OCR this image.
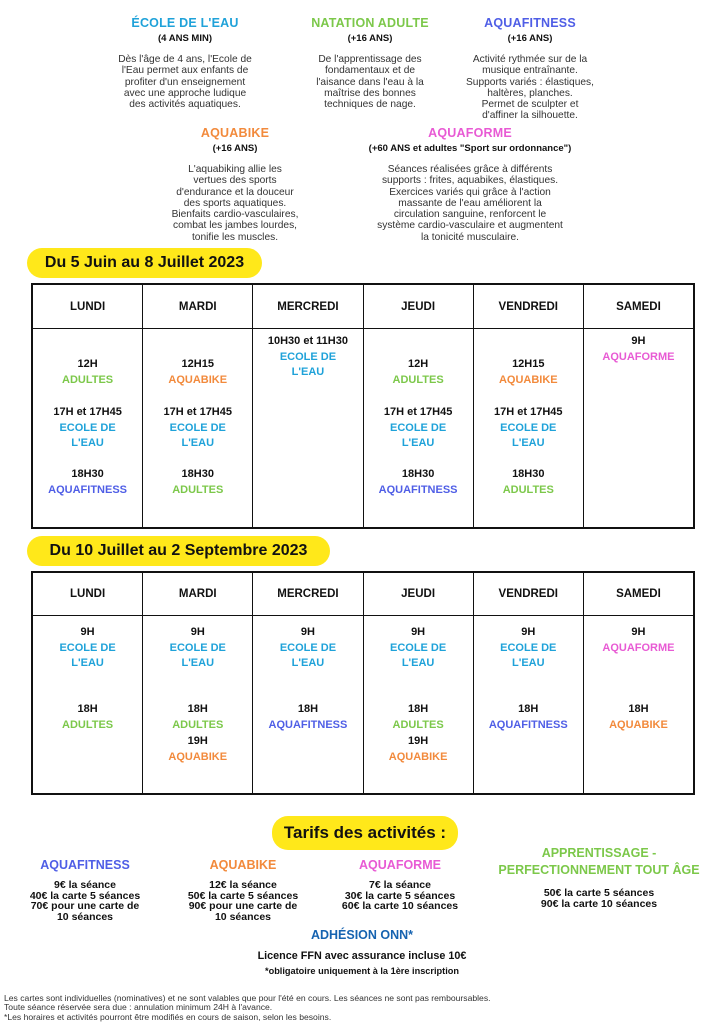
ÉCOLE DE L'EAU
(4 ANS MIN)
Dès l'âge de 4 ans, l'Ecole de
l'Eau permet aux enfants de
profiter d'un enseignement
avec une approche ludique
des activités aquatiques.
NATATION ADULTE
(+16 ANS)
De l'apprentissage des
fondamentaux et de
l'aisance dans l'eau à la
maîtrise des bonnes
techniques de nage.
AQUAFITNESS
(+16 ANS)
Activité rythmée sur de la
musique entraînante.
Supports variés : élastiques,
haltères, planches.
Permet de sculpter et
d'affiner la silhouette.
AQUABIKE
(+16 ANS)
L'aquabiking allie les
vertues des sports
d'endurance et la douceur
des sports aquatiques.
Bienfaits cardio-vasculaires,
combat les jambes lourdes,
tonifie les muscles.
AQUAFORME
(+60 ANS et adultes "Sport sur ordonnance")
Séances réalisées grâce à différents
supports : frites, aquabikes, élastiques.
Exercices variés qui grâce à l'action
massante de l'eau améliorent la
circulation sanguine, renforcent le
système cardio-vasculaire et augmentent
la tonicité musculaire.
Du 5 Juin au 8 Juillet 2023
LUNDI
12H
ADULTES
17H et 17H45
ECOLE DE
L'EAU
18H30
AQUAFITNESS
MARDI
12H15
AQUABIKE
17H et 17H45
ECOLE DE
L'EAU
18H30
ADULTES
MERCREDI
10H30 et 11H30
ECOLE DE
L'EAU
JEUDI
12H
ADULTES
17H et 17H45
ECOLE DE
L'EAU
18H30
AQUAFITNESS
VENDREDI
12H15
AQUABIKE
17H et 17H45
ECOLE DE
L'EAU
18H30
ADULTES
SAMEDI
9H
AQUAFORME
Du 10 Juillet au 2 Septembre 2023
LUNDI
9H
ECOLE DE
L'EAU
18H
ADULTES
MARDI
9H
ECOLE DE
L'EAU
18H
ADULTES
19H
AQUABIKE
MERCREDI
9H
ECOLE DE
L'EAU
18H
AQUAFITNESS
JEUDI
9H
ECOLE DE
L'EAU
18H
ADULTES
19H
AQUABIKE
VENDREDI
9H
ECOLE DE
L'EAU
18H
AQUAFITNESS
SAMEDI
9H
AQUAFORME
18H
AQUABIKE
Tarifs des activités :
AQUAFITNESS
9€ la séance
40€ la carte 5 séances
70€ pour une carte de
10 séances
AQUABIKE
12€ la séance
50€ la carte 5 séances
90€ pour une carte de
10 séances
AQUAFORME
7€ la séance
30€ la carte 5 séances
60€ la carte 10 séances
APPRENTISSAGE - PERFECTIONNEMENT TOUT ÂGE
50€ la carte 5 séances
90€ la carte 10 séances
ADHÉSION ONN*
Licence FFN avec assurance incluse 10€
*obligatoire uniquement à la 1ère inscription
Les cartes sont individuelles (nominatives) et ne sont valables que pour l'été en cours. Les séances ne sont pas remboursables.
Toute séance réservée sera due : annulation minimum 24H à l'avance.
*Les horaires et activités pourront être modifiés en cours de saison, selon les besoins.
